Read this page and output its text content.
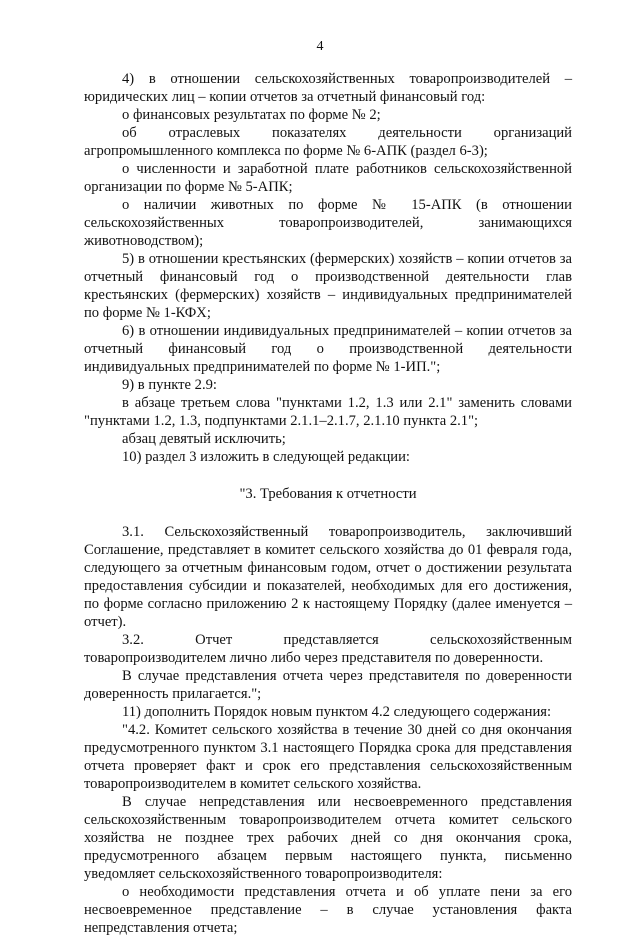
4

4) в отношении сельскохозяйственных товаропроизводителей – юридических лиц – копии отчетов за отчетный финансовый год:

о финансовых результатах по форме № 2;

об отраслевых показателях деятельности организаций агропромышленного комплекса по форме № 6-АПК (раздел 6-3);

о численности и заработной плате работников сельскохозяйственной организации по форме № 5-АПК;

о наличии животных по форме № 15-АПК (в отношении сельскохозяйственных товаропроизводителей, занимающихся животноводством);

5) в отношении крестьянских (фермерских) хозяйств – копии отчетов за отчетный финансовый год о производственной деятельности глав крестьянских (фермерских) хозяйств – индивидуальных предпринимателей по форме № 1-КФХ;

6) в отношении индивидуальных предпринимателей – копии отчетов за отчетный финансовый год о производственной деятельности индивидуальных предпринимателей по форме № 1-ИП.";

9) в пункте 2.9:

в абзаце третьем слова "пунктами 1.2, 1.3 или 2.1" заменить словами "пунктами 1.2, 1.3, подпунктами 2.1.1–2.1.7, 2.1.10 пункта 2.1";

абзац девятый исключить;

10) раздел 3 изложить в следующей редакции:

"3. Требования к отчетности

3.1. Сельскохозяйственный товаропроизводитель, заключивший Соглашение, представляет в комитет сельского хозяйства до 01 февраля года, следующего за отчетным финансовым годом, отчет о достижении результата предоставления субсидии и показателей, необходимых для его достижения, по форме согласно приложению 2 к настоящему Порядку (далее именуется – отчет).

3.2. Отчет представляется сельскохозяйственным товаропроизводителем лично либо через представителя по доверенности.

В случае представления отчета через представителя по доверенности доверенность прилагается.";

11) дополнить Порядок новым пунктом 4.2 следующего содержания:

"4.2. Комитет сельского хозяйства в течение 30 дней со дня окончания предусмотренного пунктом 3.1 настоящего Порядка срока для представления отчета проверяет факт и срок его представления сельскохозяйственным товаропроизводителем в комитет сельского хозяйства.

В случае непредставления или несвоевременного представления сельскохозяйственным товаропроизводителем отчета комитет сельского хозяйства не позднее трех рабочих дней со дня окончания срока, предусмотренного абзацем первым настоящего пункта, письменно уведомляет сельскохозяйственного товаропроизводителя:

о необходимости представления отчета и об уплате пени за его несвоевременное представление – в случае установления факта непредставления отчета;
